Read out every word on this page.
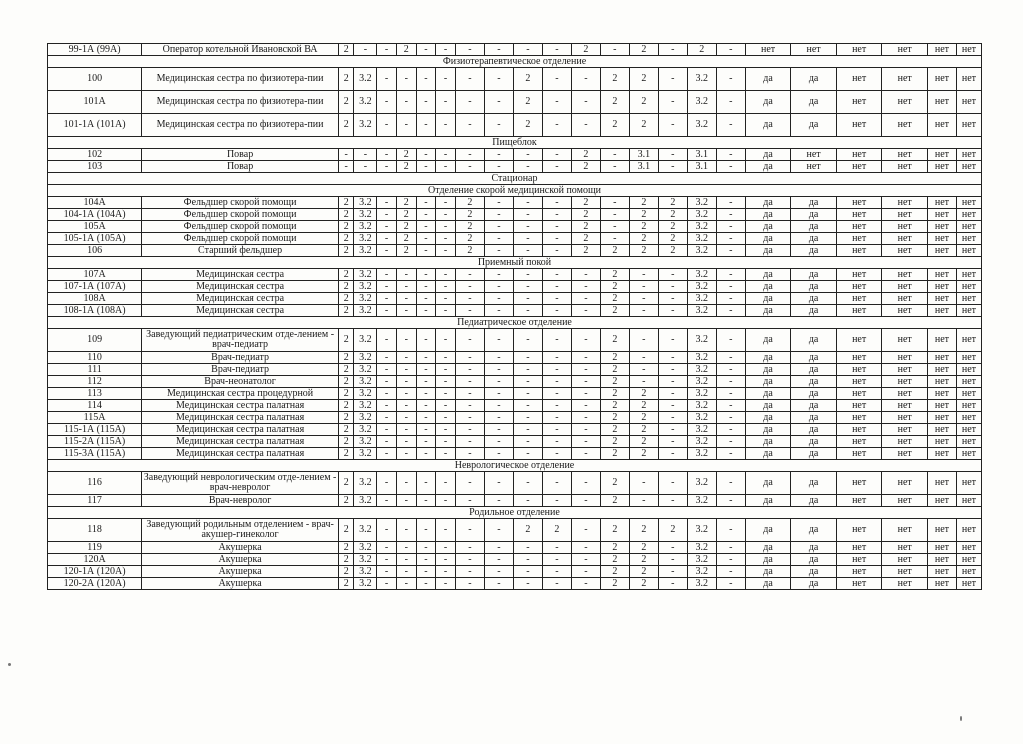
99-1А (99А)	Оператор котельной Ивановской ВА	2	-	-	2	-	-	-	-	-	-	2	-	2	-	2	-	нет	нет	нет	нет	нет	нет
Физиотерапевтическое отделение																							
100	Медицинская сестра по физиотера-пии	2	3.2	-	-	-	-	-	-	2	-	-	2	2	-	3.2	-	да	да	нет	нет	нет	нет
101А	Медицинская сестра по физиотера-пии	2	3.2	-	-	-	-	-	-	2	-	-	2	2	-	3.2	-	да	да	нет	нет	нет	нет
101-1А (101А)	Медицинская сестра по физиотера-пии	2	3.2	-	-	-	-	-	-	2	-	-	2	2	-	3.2	-	да	да	нет	нет	нет	нет
Пищеблок																							
102	Повар	-	-	-	2	-	-	-	-	-	-	2	-	3.1	-	3.1	-	да	нет	нет	нет	нет	нет
103	Повар	-	-	-	2	-	-	-	-	-	-	2	-	3.1	-	3.1	-	да	нет	нет	нет	нет	нет
Стационар																							
Отделение скорой медицинской помощи																							
104А	Фельдшер скорой помощи	2	3.2	-	2	-	-	2	-	-	-	2	-	2	2	3.2	-	да	да	нет	нет	нет	нет
104-1А (104А)	Фельдшер скорой помощи	2	3.2	-	2	-	-	2	-	-	-	2	-	2	2	3.2	-	да	да	нет	нет	нет	нет
105А	Фельдшер скорой помощи	2	3.2	-	2	-	-	2	-	-	-	2	-	2	2	3.2	-	да	да	нет	нет	нет	нет
105-1А (105А)	Фельдшер скорой помощи	2	3.2	-	2	-	-	2	-	-	-	2	-	2	2	3.2	-	да	да	нет	нет	нет	нет
106	Старший фельдшер	2	3.2	-	2	-	-	2	-	-	-	2	2	2	2	3.2	-	да	да	нет	нет	нет	нет
Приемный покой																							
107А	Медицинская сестра	2	3.2	-	-	-	-	-	-	-	-	-	2	-	-	3.2	-	да	да	нет	нет	нет	нет
107-1А (107А)	Медицинская сестра	2	3.2	-	-	-	-	-	-	-	-	-	2	-	-	3.2	-	да	да	нет	нет	нет	нет
108А	Медицинская сестра	2	3.2	-	-	-	-	-	-	-	-	-	2	-	-	3.2	-	да	да	нет	нет	нет	нет
108-1А (108А)	Медицинская сестра	2	3.2	-	-	-	-	-	-	-	-	-	2	-	-	3.2	-	да	да	нет	нет	нет	нет
Педиатрическое отделение																							
109	Заведующий педиатрическим отде-лением - врач-педиатр	2	3.2	-	-	-	-	-	-	-	-	-	2	-	-	3.2	-	да	да	нет	нет	нет	нет
110	Врач-педиатр	2	3.2	-	-	-	-	-	-	-	-	-	2	-	-	3.2	-	да	да	нет	нет	нет	нет
111	Врач-педиатр	2	3.2	-	-	-	-	-	-	-	-	-	2	-	-	3.2	-	да	да	нет	нет	нет	нет
112	Врач-неонатолог	2	3.2	-	-	-	-	-	-	-	-	-	2	-	-	3.2	-	да	да	нет	нет	нет	нет
113	Медицинская сестра процедурной	2	3.2	-	-	-	-	-	-	-	-	-	2	2	-	3.2	-	да	да	нет	нет	нет	нет
114	Медицинская сестра палатная	2	3.2	-	-	-	-	-	-	-	-	-	2	2	-	3.2	-	да	да	нет	нет	нет	нет
115А	Медицинская сестра палатная	2	3.2	-	-	-	-	-	-	-	-	-	2	2	-	3.2	-	да	да	нет	нет	нет	нет
115-1А (115А)	Медицинская сестра палатная	2	3.2	-	-	-	-	-	-	-	-	-	2	2	-	3.2	-	да	да	нет	нет	нет	нет
115-2А (115А)	Медицинская сестра палатная	2	3.2	-	-	-	-	-	-	-	-	-	2	2	-	3.2	-	да	да	нет	нет	нет	нет
115-3А (115А)	Медицинская сестра палатная	2	3.2	-	-	-	-	-	-	-	-	-	2	2	-	3.2	-	да	да	нет	нет	нет	нет
Неврологическое отделение																							
116	Заведующий неврологическим отде-лением - врач-невролог	2	3.2	-	-	-	-	-	-	-	-	-	2	-	-	3.2	-	да	да	нет	нет	нет	нет
117	Врач-невролог	2	3.2	-	-	-	-	-	-	-	-	-	2	-	-	3.2	-	да	да	нет	нет	нет	нет
Родильное отделение																							
118	Заведующий родильным отделением - врач-акушер-гинеколог	2	3.2	-	-	-	-	-	-	2	2	-	2	2	2	3.2	-	да	да	нет	нет	нет	нет
119	Акушерка	2	3.2	-	-	-	-	-	-	-	-	-	2	2	-	3.2	-	да	да	нет	нет	нет	нет
120А	Акушерка	2	3.2	-	-	-	-	-	-	-	-	-	2	2	-	3.2	-	да	да	нет	нет	нет	нет
120-1А (120А)	Акушерка	2	3.2	-	-	-	-	-	-	-	-	-	2	2	-	3.2	-	да	да	нет	нет	нет	нет
120-2А (120А)	Акушерка	2	3.2	-	-	-	-	-	-	-	-	-	2	2	-	3.2	-	да	да	нет	нет	нет	нет
